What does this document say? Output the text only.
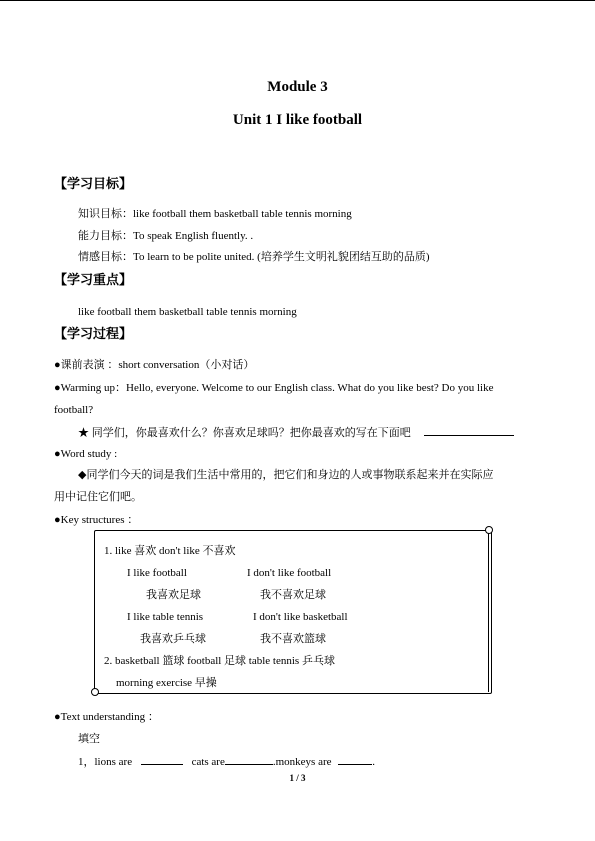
Module 3
Unit 1 I like football
【学习目标】
知识目标：like football them basketball table tennis morning
能力目标：To speak English fluently. .
情感目标：To learn to be polite united. (培养学生文明礼貌团结互助的品质)
【学习重点】
like football them basketball table tennis morning
【学习过程】
●课前表演 ：short conversation（小对话）
●Warming up：Hello, everyone. Welcome to our English class. What do you like best? Do you like
football?
★ 同学们，你最喜欢什么？你喜欢足球吗？把你最喜欢的写在下面吧
●Word study :
◆同学们今天的词是我们生活中常用的，把它们和身边的人或事物联系起来并在实际应
用中记住它们吧。
●Key structures ：
1. like 喜欢 don't like 不喜欢
I like football	I don't like football
我喜欢足球	我不喜欢足球
I like table tennis	I don't like basketball
我喜欢乒乓球	我不喜欢篮球
2. basketball 篮球 football 足球 table tennis 乒乓球
morning exercise 早操
●Text understanding ：
填空
1，lions are	cats are	.monkeys are	.
1 / 3
